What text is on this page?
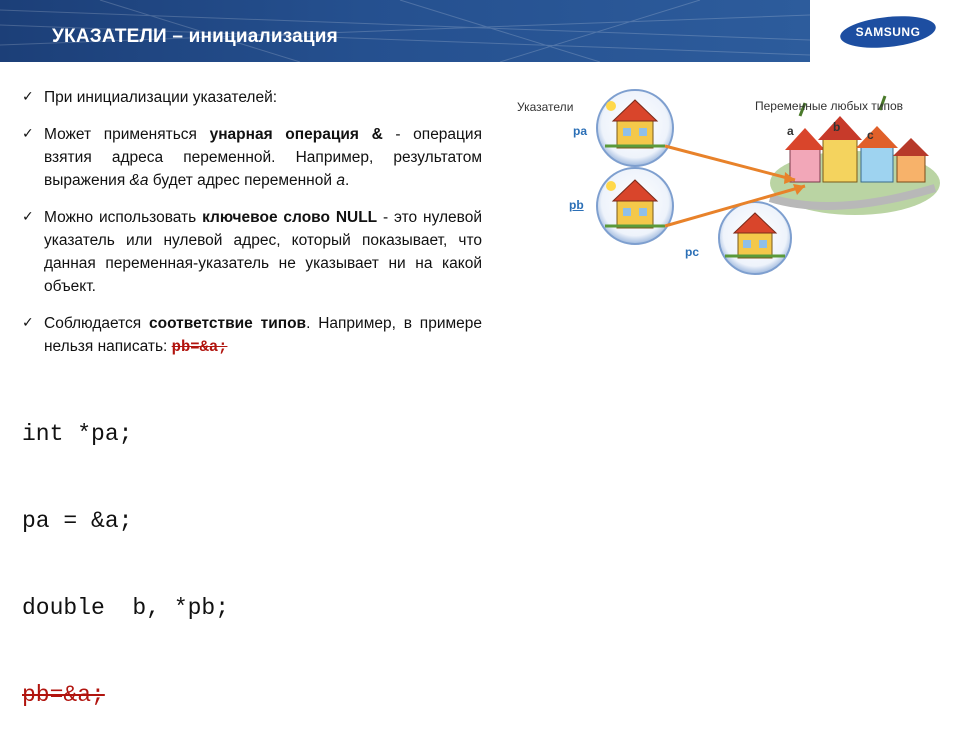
УКАЗАТЕЛИ – инициализация	SAMSUNG
✓ При инициализации указателей:
✓ Может применяться унарная операция & - операция взятия адреса переменной. Например, результатом выражения &a будет адрес переменной a.
✓ Можно использовать ключевое слово NULL - это нулевой указатель или нулевой адрес, который показывает, что данная переменная-указатель не указывает ни на какой объект.
✓ Соблюдается соответствие типов. Например, в примере нельзя написать: pb=&a;

int *pa;

pa = &a;

double  b, *pb;

pb=&a;

Указатели	Переменные любых типов
pa
pb
pc
a	b
c
